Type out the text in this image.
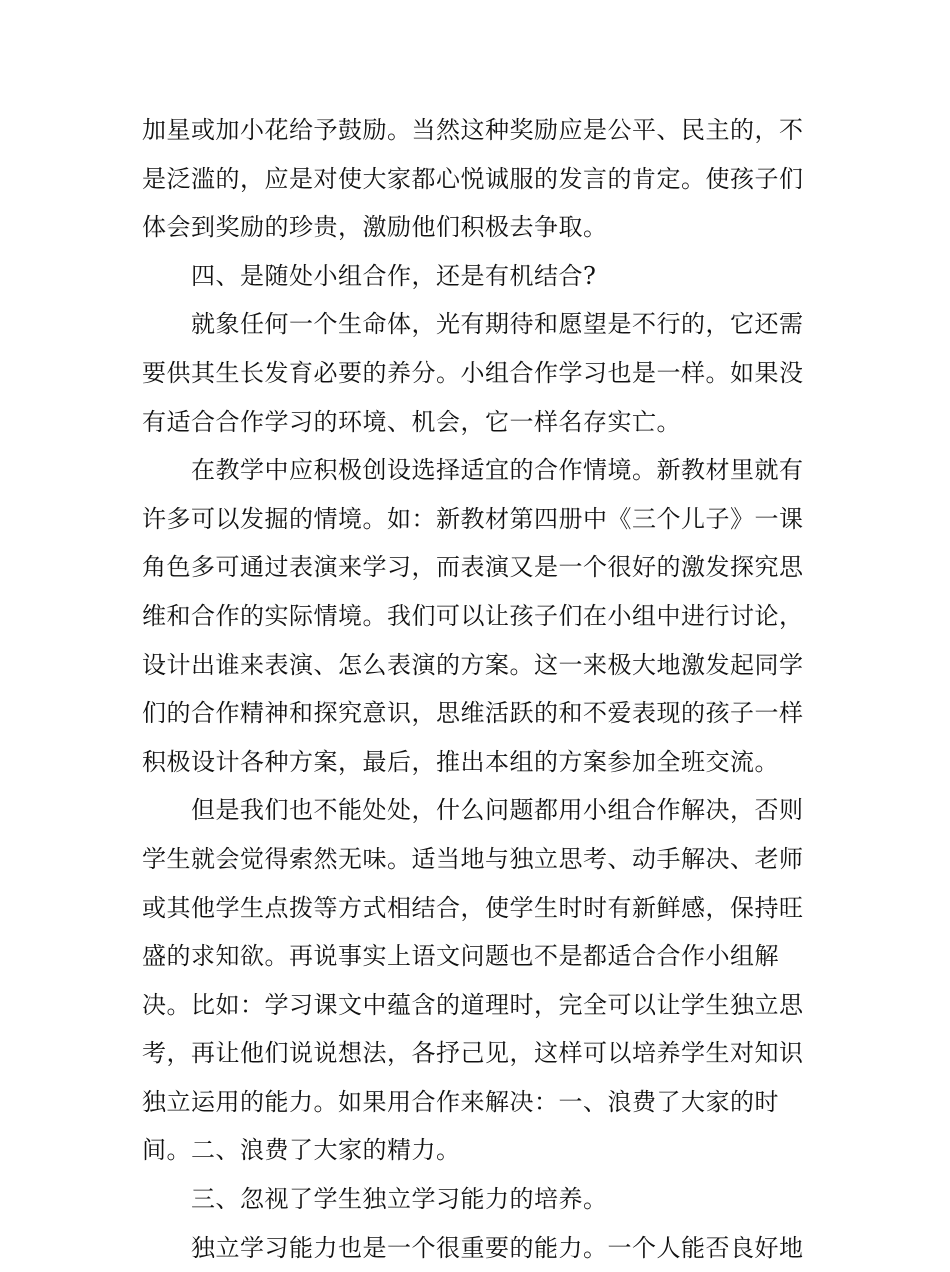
加星或加小花给予鼓励。当然这种奖励应是公平、民主的，不
是泛滥的，应是对使大家都心悦诚服的发言的肯定。使孩子们
体会到奖励的珍贵，激励他们积极去争取。
四、是随处小组合作，还是有机结合?
就象任何一个生命体，光有期待和愿望是不行的，它还需
要供其生长发育必要的养分。小组合作学习也是一样。如果没
有适合合作学习的环境、机会，它一样名存实亡。
在教学中应积极创设选择适宜的合作情境。新教材里就有
许多可以发掘的情境。如：新教材第四册中《三个儿子》一课
角色多可通过表演来学习，而表演又是一个很好的激发探究思
维和合作的实际情境。我们可以让孩子们在小组中进行讨论，
设计出谁来表演、怎么表演的方案。这一来极大地激发起同学
们的合作精神和探究意识，思维活跃的和不爱表现的孩子一样
积极设计各种方案，最后，推出本组的方案参加全班交流。
但是我们也不能处处，什么问题都用小组合作解决，否则
学生就会觉得索然无味。适当地与独立思考、动手解决、老师
或其他学生点拨等方式相结合，使学生时时有新鲜感，保持旺
盛的求知欲。再说事实上语文问题也不是都适合合作小组解
决。比如：学习课文中蕴含的道理时，完全可以让学生独立思
考，再让他们说说想法，各抒己见，这样可以培养学生对知识
独立运用的能力。如果用合作来解决：一、浪费了大家的时
间。二、浪费了大家的精力。
三、忽视了学生独立学习能力的培养。
独立学习能力也是一个很重要的能力。一个人能否良好地
